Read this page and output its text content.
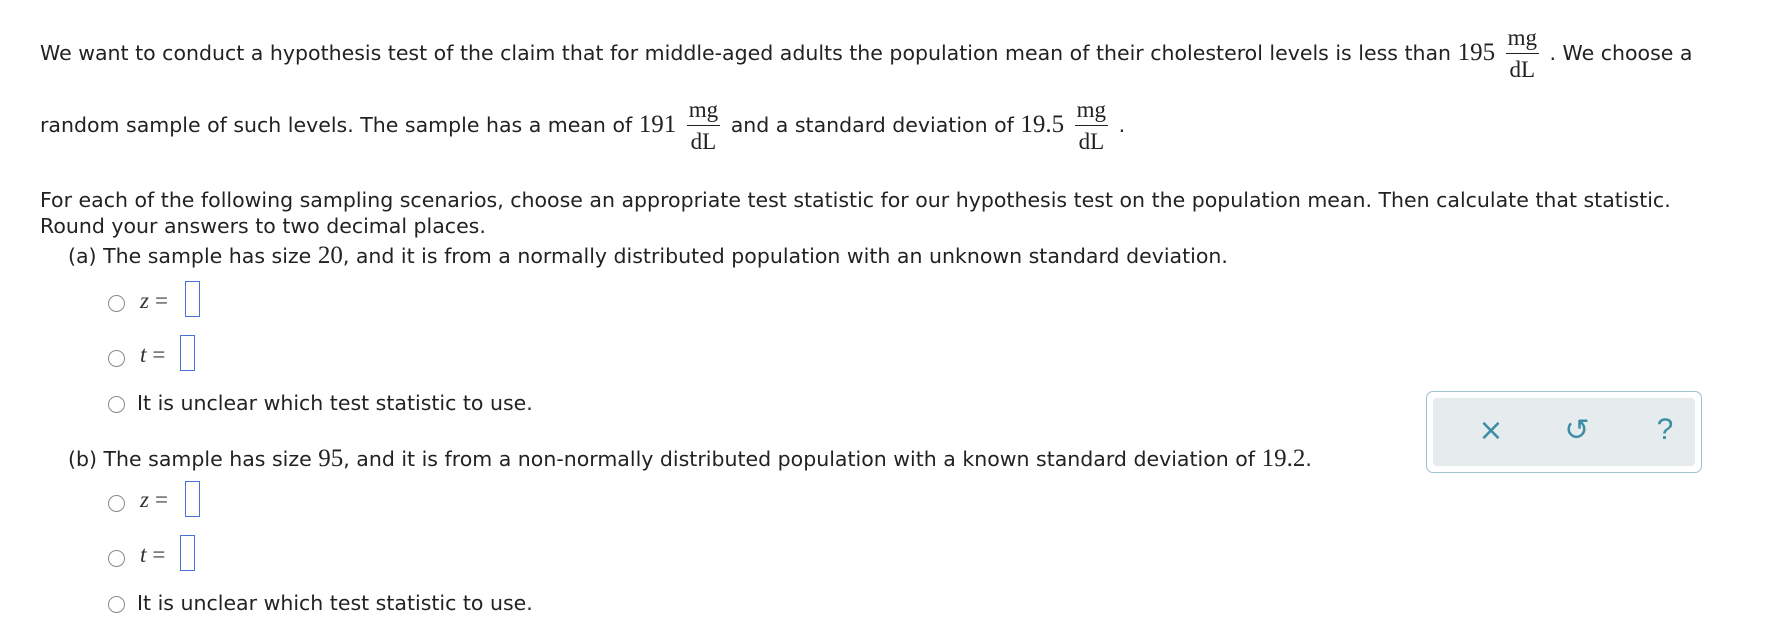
We want to conduct a hypothesis test of the claim that for middle-aged adults the population mean of their cholesterol levels is less than $195 \frac{mg}{dL}$ . We choose a
random sample of such levels. The sample has a mean of $191 \frac{mg}{dL}$ and a standard deviation of $19.5 \frac{mg}{dL}$ .
For each of the following sampling scenarios, choose an appropriate test statistic for our hypothesis test on the population mean. Then calculate that statistic.
Round your answers to two decimal places.
(a) The sample has size 20, and it is from a normally distributed population with an unknown standard deviation.
z =
t =
It is unclear which test statistic to use.
(b) The sample has size 95, and it is from a non-normally distributed population with a known standard deviation of 19.2.
z =
t =
It is unclear which test statistic to use.
× ↺ ?
